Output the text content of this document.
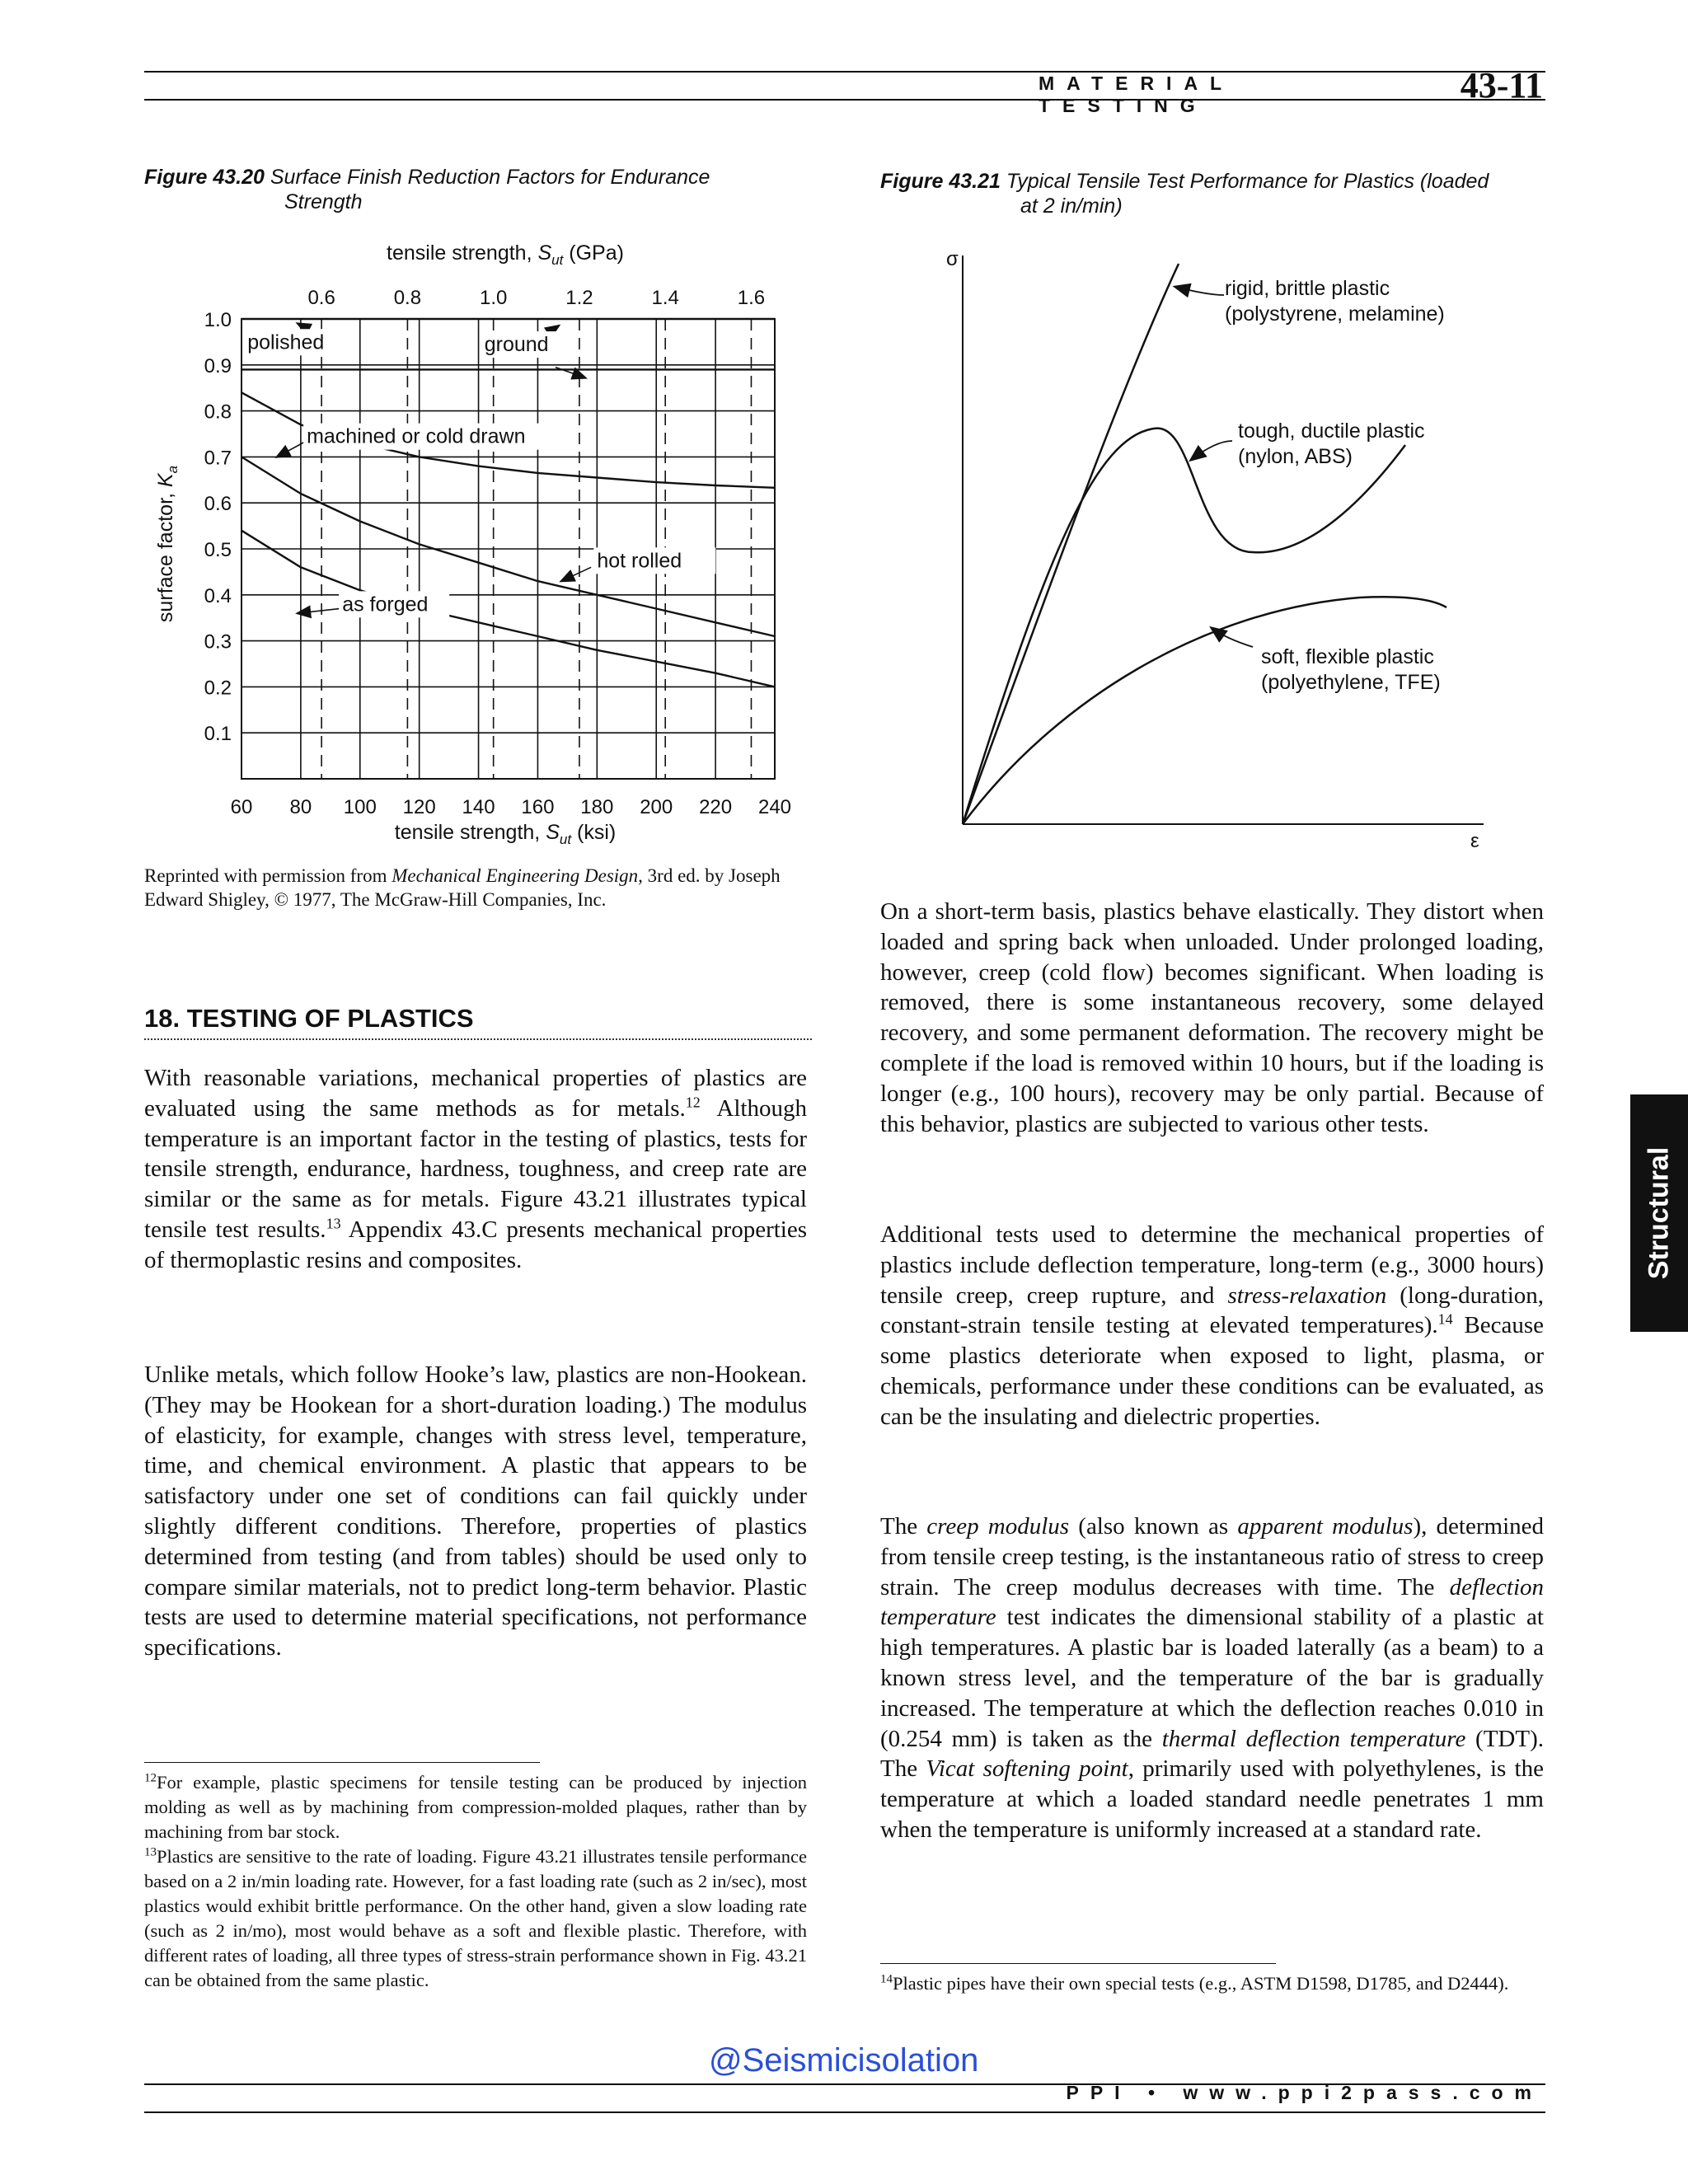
MATERIAL TESTING	43-11
Figure 43.20 Surface Finish Reduction Factors for Endurance
Strength
polished	ground
machined or cold drawn
hot rolled
as forged
60 80 100 120 140 160 180 200 220 240
0.6	0.8	1.0	1.2	1.4	1.6
1.0
0.9
0.8
0.7
0.6
0.5
0.4
0.3
0.2
0.1
tensile strength, $S_{ut}$ (GPa)
tensile strength, $S_{ut}$ (ksi)
surface factor, $K_a$
Reprinted with permission from Mechanical Engineering Design, 3rd ed. by Joseph Edward Shigley, © 1977, The McGraw-Hill Companies, Inc.
Figure 43.21 Typical Tensile Test Performance for Plastics (loaded
at 2 in/min)
σ
ε
rigid, brittle plastic
(polystyrene, melamine)
tough, ductile plastic
(nylon, ABS)
soft, flexible plastic
(polyethylene, TFE)
18. TESTING OF PLASTICS

With reasonable variations, mechanical properties of plastics are evaluated using the same methods as for metals.$^{12}$ Although temperature is an important factor in the testing of plastics, tests for tensile strength, endurance, hardness, toughness, and creep rate are similar or the same as for metals. Figure 43.21 illustrates typical tensile test results.$^{13}$ Appendix 43.C presents mechanical properties of thermoplastic resins and composites.

Unlike metals, which follow Hooke’s law, plastics are non-Hookean. (They may be Hookean for a short-duration loading.) The modulus of elasticity, for example, changes with stress level, temperature, time, and chemical environment. A plastic that appears to be satisfactory under one set of conditions can fail quickly under slightly different conditions. Therefore, properties of plastics determined from testing (and from tables) should be used only to compare similar materials, not to predict long-term behavior. Plastic tests are used to determine material specifications, not performance specifications.

$^{12}$For example, plastic specimens for tensile testing can be produced by injection molding as well as by machining from compression-molded plaques, rather than by machining from bar stock.

$^{13}$Plastics are sensitive to the rate of loading. Figure 43.21 illustrates tensile performance based on a 2 in/min loading rate. However, for a fast loading rate (such as 2 in/sec), most plastics would exhibit brittle performance. On the other hand, given a slow loading rate (such as 2 in/mo), most would behave as a soft and flexible plastic. Therefore, with different rates of loading, all three types of stress-strain performance shown in Fig. 43.21 can be obtained from the same plastic.

On a short-term basis, plastics behave elastically. They distort when loaded and spring back when unloaded. Under prolonged loading, however, creep (cold flow) becomes significant. When loading is removed, there is some instantaneous recovery, some delayed recovery, and some permanent deformation. The recovery might be complete if the load is removed within 10 hours, but if the loading is longer (e.g., 100 hours), recovery may be only partial. Because of this behavior, plastics are subjected to various other tests.

Additional tests used to determine the mechanical properties of plastics include deflection temperature, long-term (e.g., 3000 hours) tensile creep, creep rupture, and stress-relaxation (long-duration, constant-strain tensile testing at elevated temperatures).$^{14}$ Because some plastics deteriorate when exposed to light, plasma, or chemicals, performance under these conditions can be evaluated, as can be the insulating and dielectric properties.

The creep modulus (also known as apparent modulus), determined from tensile creep testing, is the instantaneous ratio of stress to creep strain. The creep modulus decreases with time. The deflection temperature test indicates the dimensional stability of a plastic at high temperatures. A plastic bar is loaded laterally (as a beam) to a known stress level, and the temperature of the bar is gradually increased. The temperature at which the deflection reaches 0.010 in (0.254 mm) is taken as the thermal deflection temperature (TDT). The Vicat softening point, primarily used with polyethylenes, is the temperature at which a loaded standard needle penetrates 1 mm when the temperature is uniformly increased at a standard rate.

$^{14}$Plastic pipes have their own special tests (e.g., ASTM D1598, D1785, and D2444).

Structural
@Seismicisolation
PPI • www.ppi2pass.com
